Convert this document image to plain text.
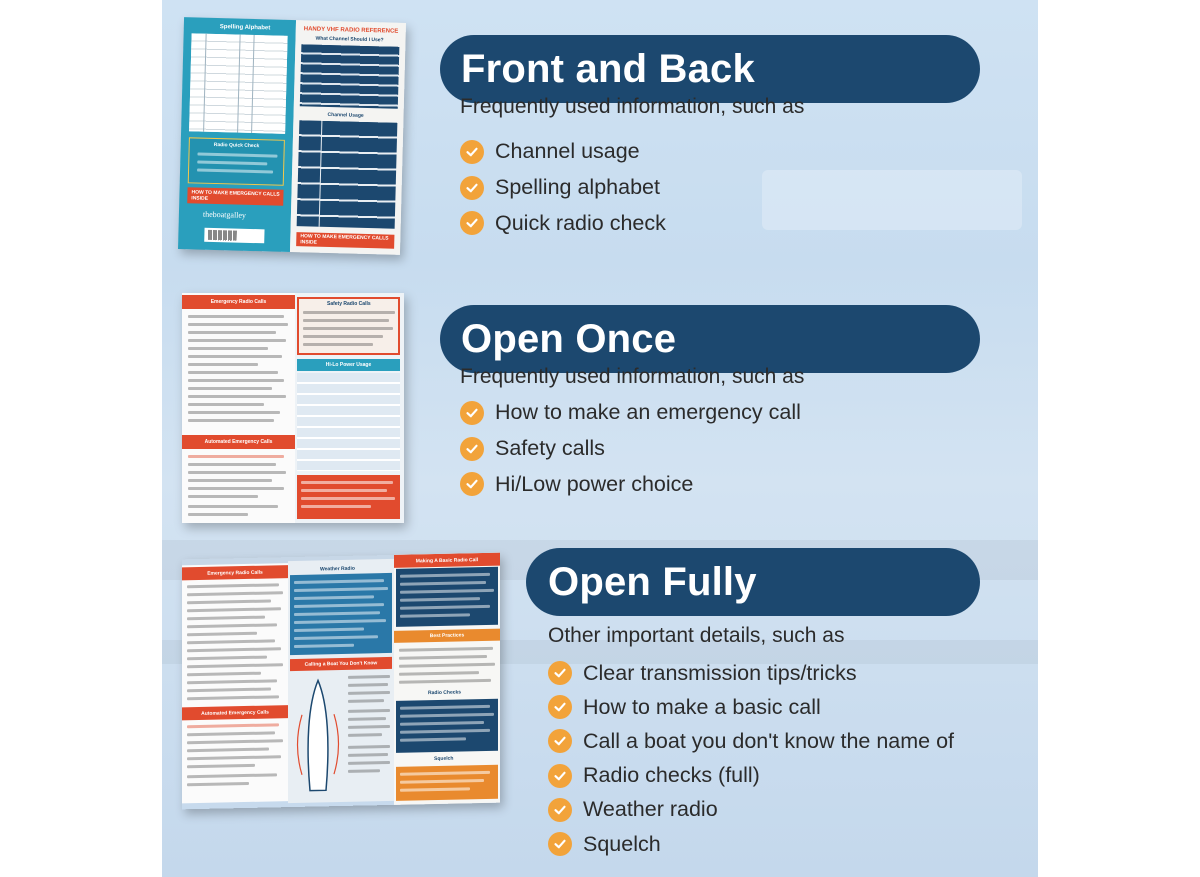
Spelling Alphabet
Radio Quick Check
HOW TO MAKE EMERGENCY CALLS INSIDE
theboatgalley
HANDY VHF RADIO REFERENCE
What Channel Should I Use?
Channel Usage
HOW TO MAKE EMERGENCY CALLS INSIDE
Emergency Radio Calls
Automated Emergency Calls
Safety Radio Calls
Hi-Lo Power Usage
Emergency Radio Calls
Automated Emergency Calls
Weather Radio
Calling a Boat You Don't Know
Making A Basic Radio Call
Best Practices
Radio Checks
Squelch
Front and Back
Frequently used information, such as
Channel usage
Spelling alphabet
Quick radio check
Open Once
Frequently used information, such as
How to make an emergency call
Safety calls
Hi/Low power choice
Open Fully
Other important details, such as
Clear transmission tips/tricks
How to make a basic call
Call a boat you don't know the name of
Radio checks (full)
Weather radio
Squelch
